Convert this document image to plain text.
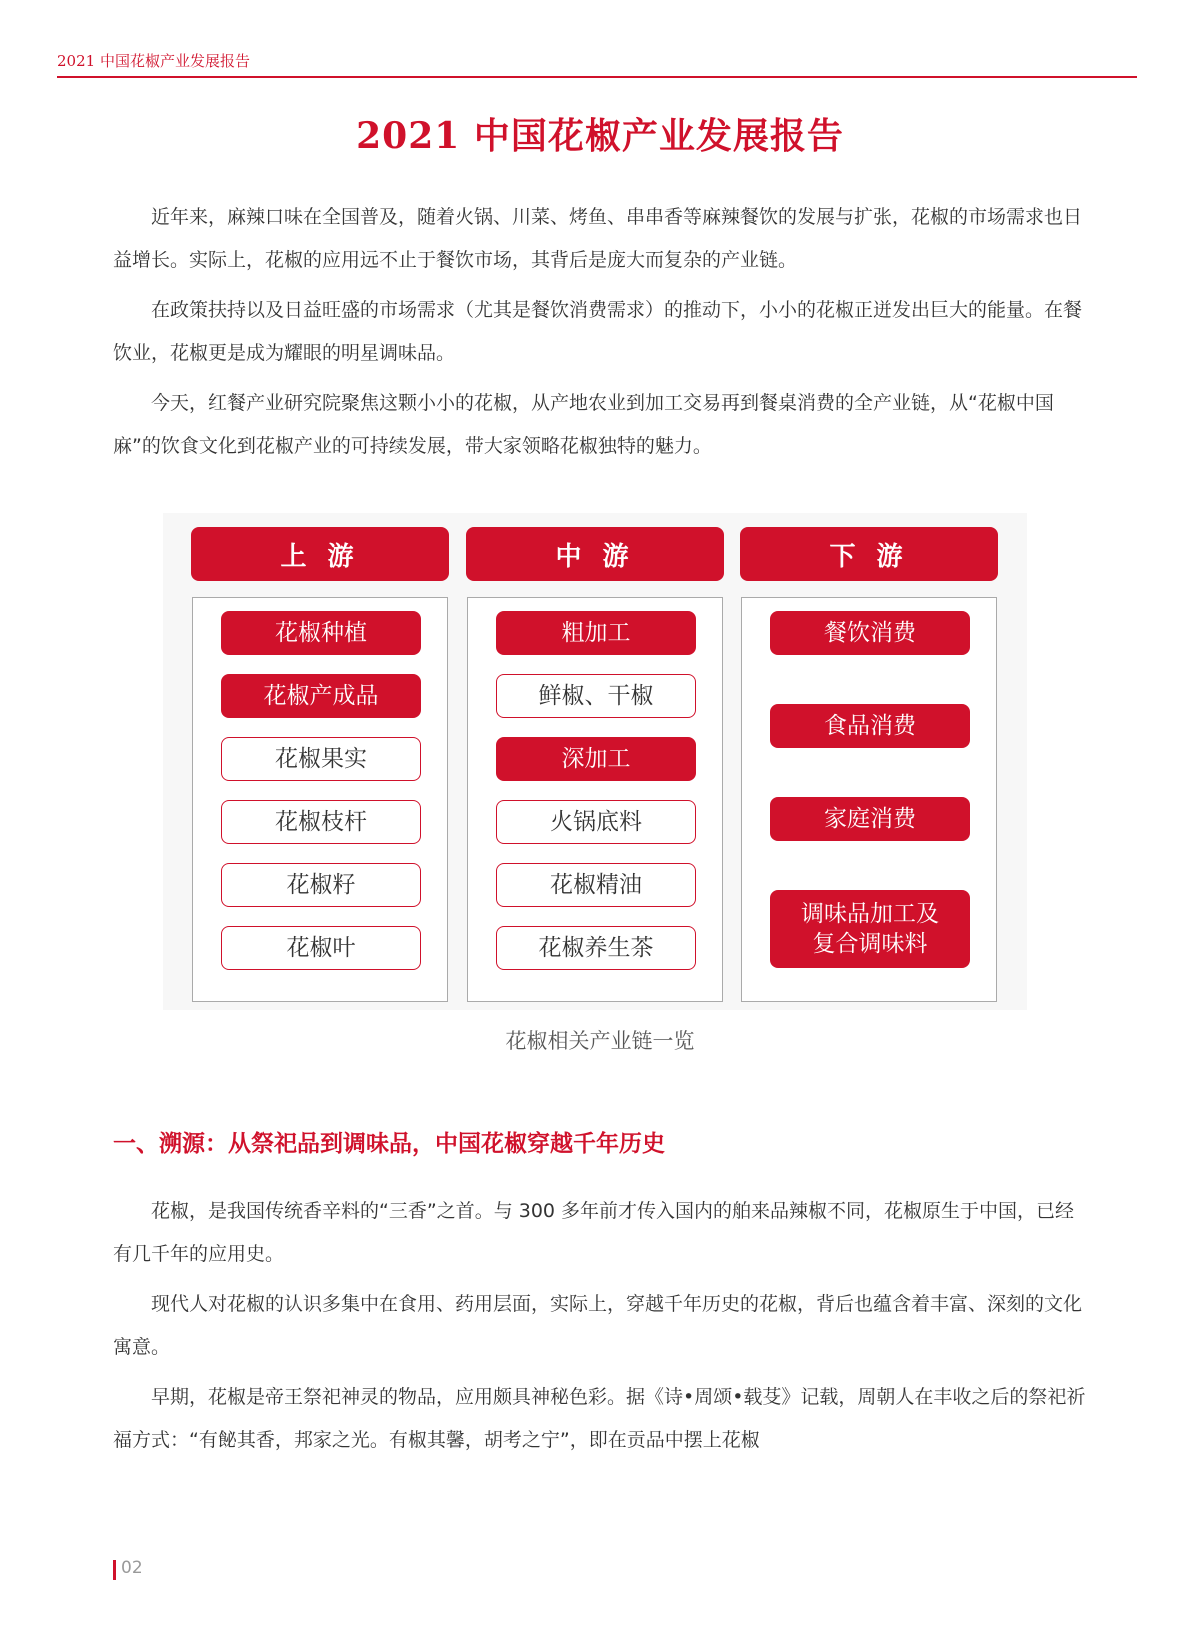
2021 中国花椒产业发展报告
2021 中国花椒产业发展报告

近年来，麻辣口味在全国普及，随着火锅、川菜、烤鱼、串串香等麻辣餐饮的发展与扩张，花椒的市场需求也日益增长。实际上，花椒的应用远不止于餐饮市场，其背后是庞大而复杂的产业链。

在政策扶持以及日益旺盛的市场需求（尤其是餐饮消费需求）的推动下，小小的花椒正迸发出巨大的能量。在餐饮业，花椒更是成为耀眼的明星调味品。

今天，红餐产业研究院聚焦这颗小小的花椒，从产地农业到加工交易再到餐桌消费的全产业链，从“花椒中国麻”的饮食文化到花椒产业的可持续发展，带大家领略花椒独特的魅力。

上 游
花椒种植
花椒产成品
花椒果实
花椒枝杆
花椒籽
花椒叶
中 游
粗加工
鲜椒、干椒
深加工
火锅底料
花椒精油
花椒养生茶
下 游
餐饮消费
食品消费
家庭消费
调味品加工及复合调味料
花椒相关产业链一览
一、溯源：从祭祀品到调味品，中国花椒穿越千年历史

花椒，是我国传统香辛料的“三香”之首。与 300 多年前才传入国内的舶来品辣椒不同，花椒原生于中国，已经有几千年的应用史。

现代人对花椒的认识多集中在食用、药用层面，实际上，穿越千年历史的花椒，背后也蕴含着丰富、深刻的文化寓意。

早期，花椒是帝王祭祀神灵的物品，应用颇具神秘色彩。据《诗•周颂•载芟》记载，周朝人在丰收之后的祭祀祈福方式：“有飶其香，邦家之光。有椒其馨，胡考之宁”，即在贡品中摆上花椒

02
